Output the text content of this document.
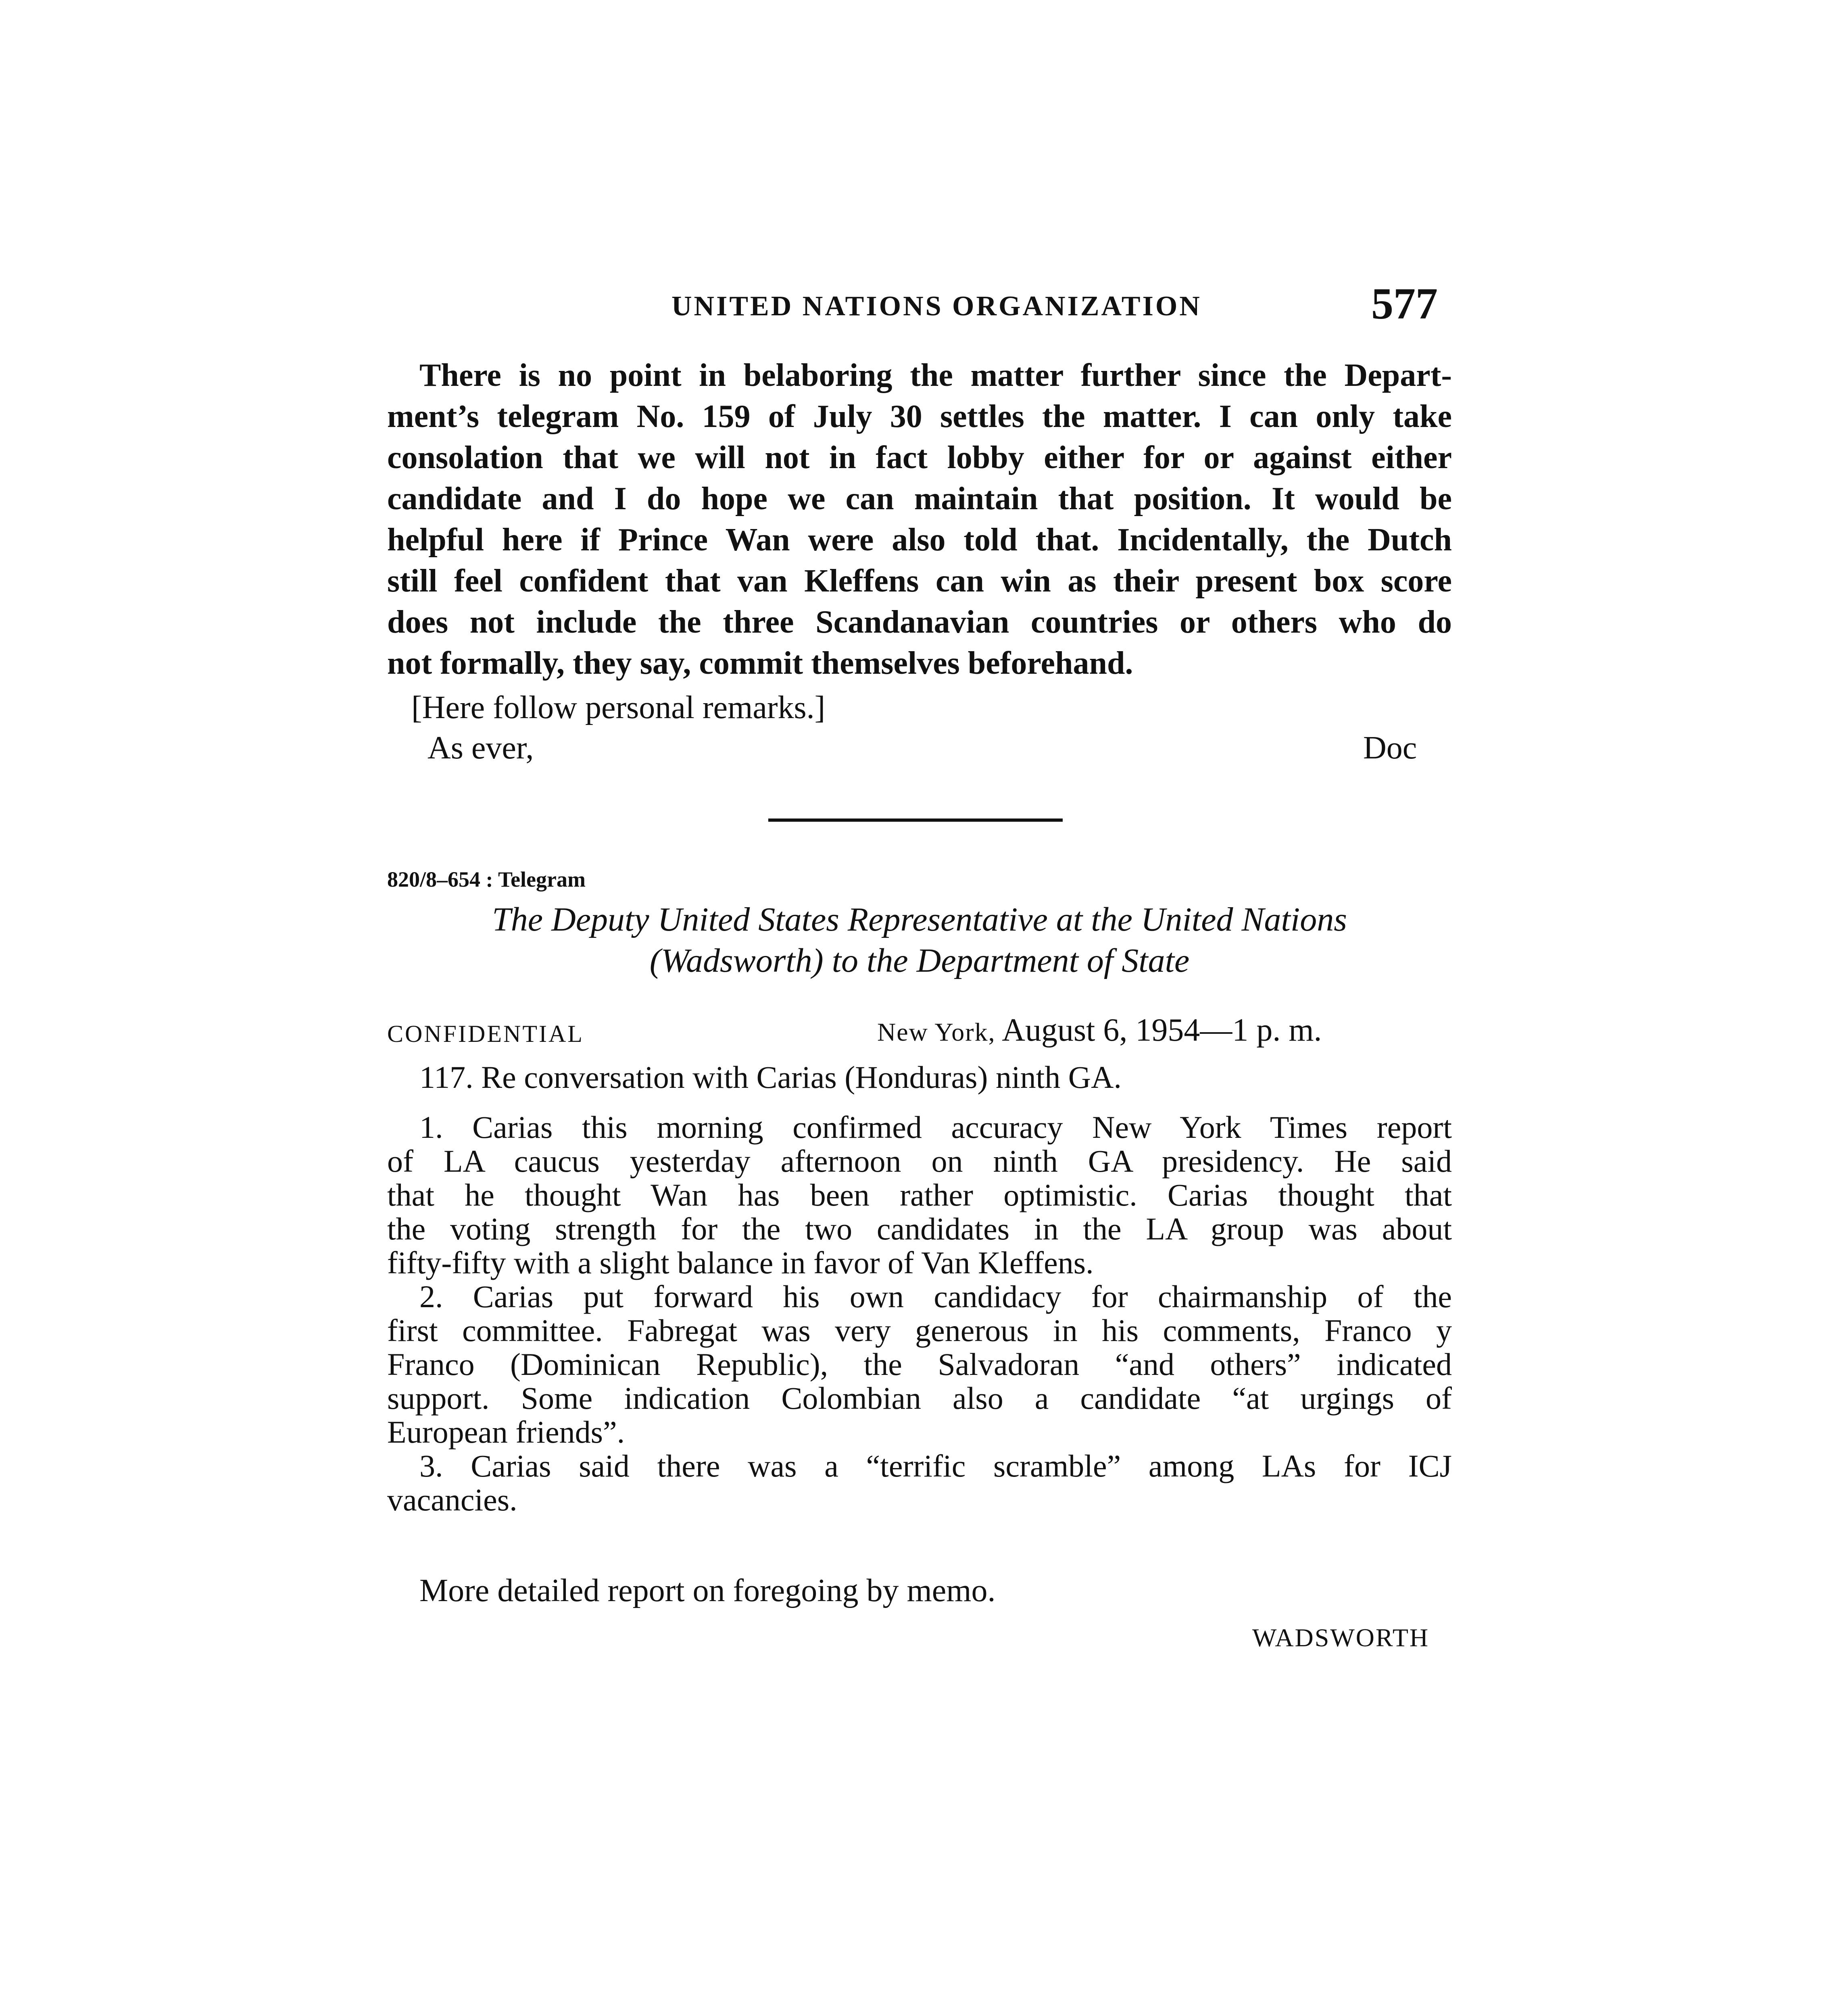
UNITED NATIONS ORGANIZATION	577
There is no point in belaboring the matter further since the Depart-
ment’s telegram No. 159 of July 30 settles the matter. I can only take
consolation that we will not in fact lobby either for or against either
candidate and I do hope we can maintain that position. It would be
helpful here if Prince Wan were also told that. Incidentally, the Dutch
still feel confident that van Kleffens can win as their present box score
does not include the three Scandanavian countries or others who do
not formally, they say, commit themselves beforehand.
[Here follow personal remarks.]
As ever,	Doc
820/8–654 : Telegram
The Deputy United States Representative at the United Nations
(Wadsworth) to the Department of State
CONFIDENTIAL	New York, August 6, 1954—1 p. m.
117. Re conversation with Carias (Honduras) ninth GA.
1. Carias this morning confirmed accuracy New York Times report
of LA caucus yesterday afternoon on ninth GA presidency. He said
that he thought Wan has been rather optimistic. Carias thought that
the voting strength for the two candidates in the LA group was about
fifty-fifty with a slight balance in favor of Van Kleffens.
2. Carias put forward his own candidacy for chairmanship of the
first committee. Fabregat was very generous in his comments, Franco y
Franco (Dominican Republic), the Salvadoran “and others” indicated
support. Some indication Colombian also a candidate “at urgings of
European friends”.
3. Carias said there was a “terrific scramble” among LAs for ICJ
vacancies.
More detailed report on foregoing by memo.
WADSWORTH
